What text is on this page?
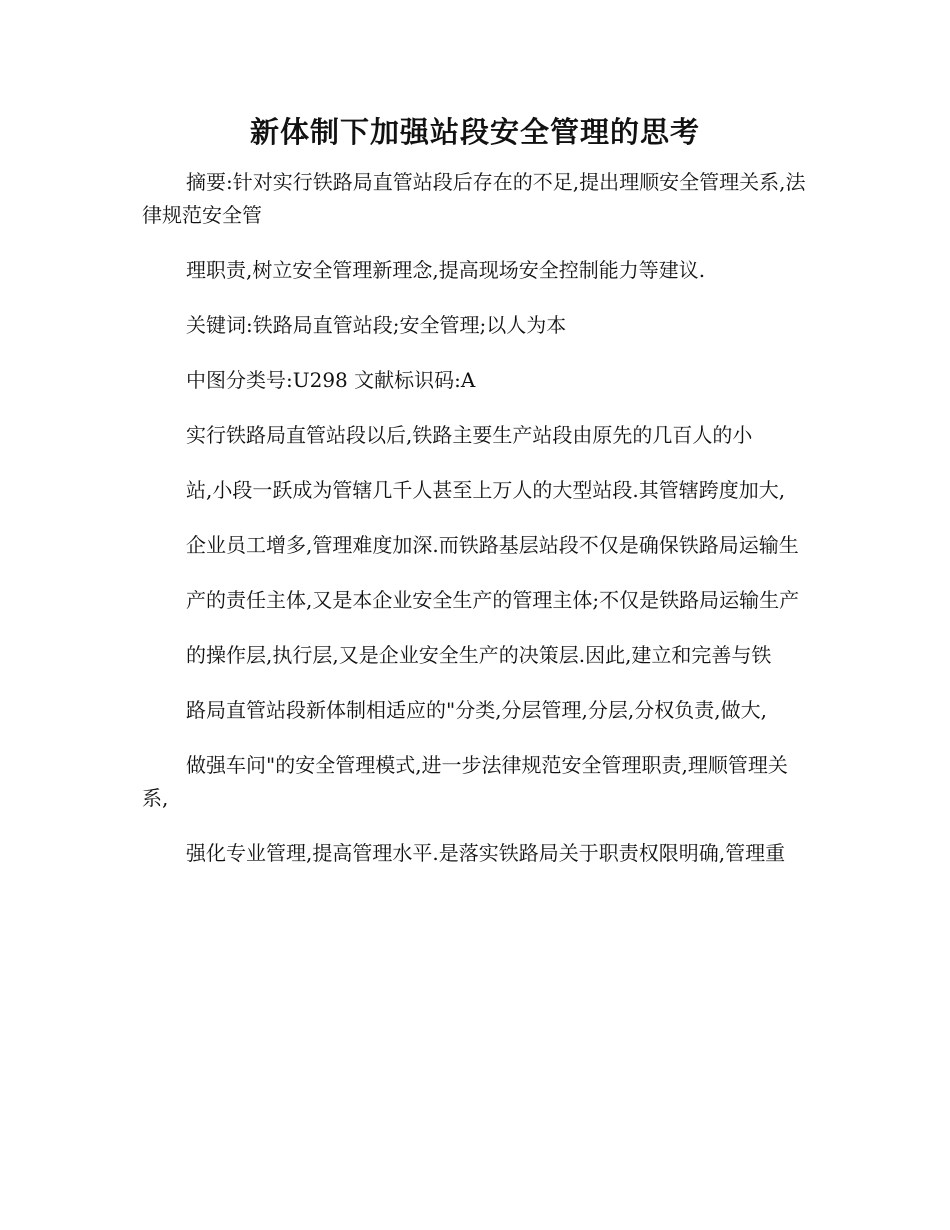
新体制下加强站段安全管理的思考

摘要:针对实行铁路局直管站段后存在的不足,提出理顺安全管理关系,法律规范安全管

理职责,树立安全管理新理念,提高现场安全控制能力等建议.

关键词:铁路局直管站段;安全管理;以人为本

中图分类号:U298 文献标识码:A

实行铁路局直管站段以后,铁路主要生产站段由原先的几百人的小

站,小段一跃成为管辖几千人甚至上万人的大型站段.其管辖跨度加大,

企业员工增多,管理难度加深.而铁路基层站段不仅是确保铁路局运输生

产的责任主体,又是本企业安全生产的管理主体;不仅是铁路局运输生产

的操作层,执行层,又是企业安全生产的决策层.因此,建立和完善与铁

路局直管站段新体制相适应的"分类,分层管理,分层,分权负责,做大,

做强车问"的安全管理模式,进一步法律规范安全管理职责,理顺管理关系,

强化专业管理,提高管理水平.是落实铁路局关于职责权限明确,管理重
